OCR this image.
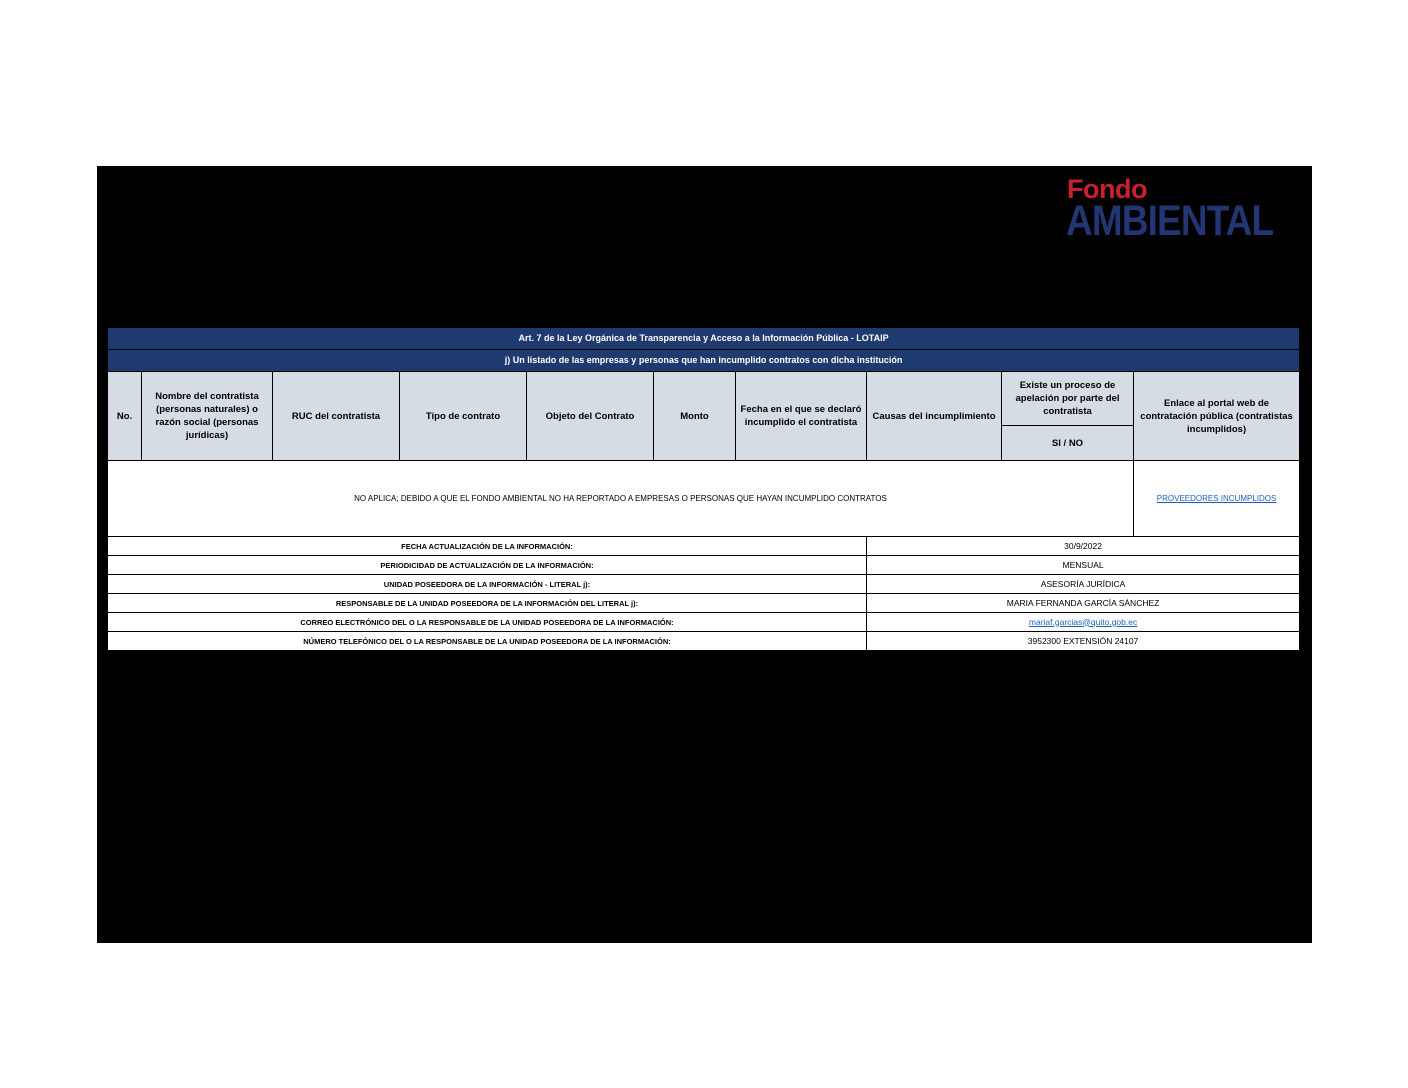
Fondo
AMBIENTAL
Art. 7 de la Ley Orgánica de Transparencia y Acceso a la Información Pública - LOTAIP									
j) Un listado de las empresas y personas que han incumplido contratos con dicha institución									
No.	Nombre del contratista (personas naturales) o razón social (personas jurídicas)	RUC del contratista	Tipo de contrato	Objeto del Contrato	Monto	Fecha en el que se declaró incumplido el contratista	Causas del incumplimiento	Existe un proceso de apelación por parte del contratista	Enlace al portal web de contratación pública (contratistas incumplidos)
								SI / NO	
NO APLICA; DEBIDO A QUE EL FONDO AMBIENTAL NO HA REPORTADO A EMPRESAS O PERSONAS QUE HAYAN INCUMPLIDO CONTRATOS									PROVEEDORES INCUMPLIDOS
FECHA ACTUALIZACIÓN DE LA INFORMACIÓN:							30/9/2022		
PERIODICIDAD DE ACTUALIZACIÓN DE LA INFORMACIÓN:							MENSUAL		
UNIDAD POSEEDORA DE LA INFORMACIÓN - LITERAL j):							ASESORÍA JURÍDICA		
RESPONSABLE DE LA UNIDAD POSEEDORA DE LA INFORMACIÓN DEL LITERAL j):							MARIA FERNANDA GARCÍA SÁNCHEZ		
CORREO ELECTRÓNICO DEL O LA RESPONSABLE DE LA UNIDAD POSEEDORA DE LA INFORMACIÓN:							mariaf.garcias@quito.gob.ec		
NÚMERO TELEFÓNICO DEL O LA RESPONSABLE DE LA UNIDAD POSEEDORA DE LA INFORMACIÓN:							3952300 EXTENSIÓN 24107		
